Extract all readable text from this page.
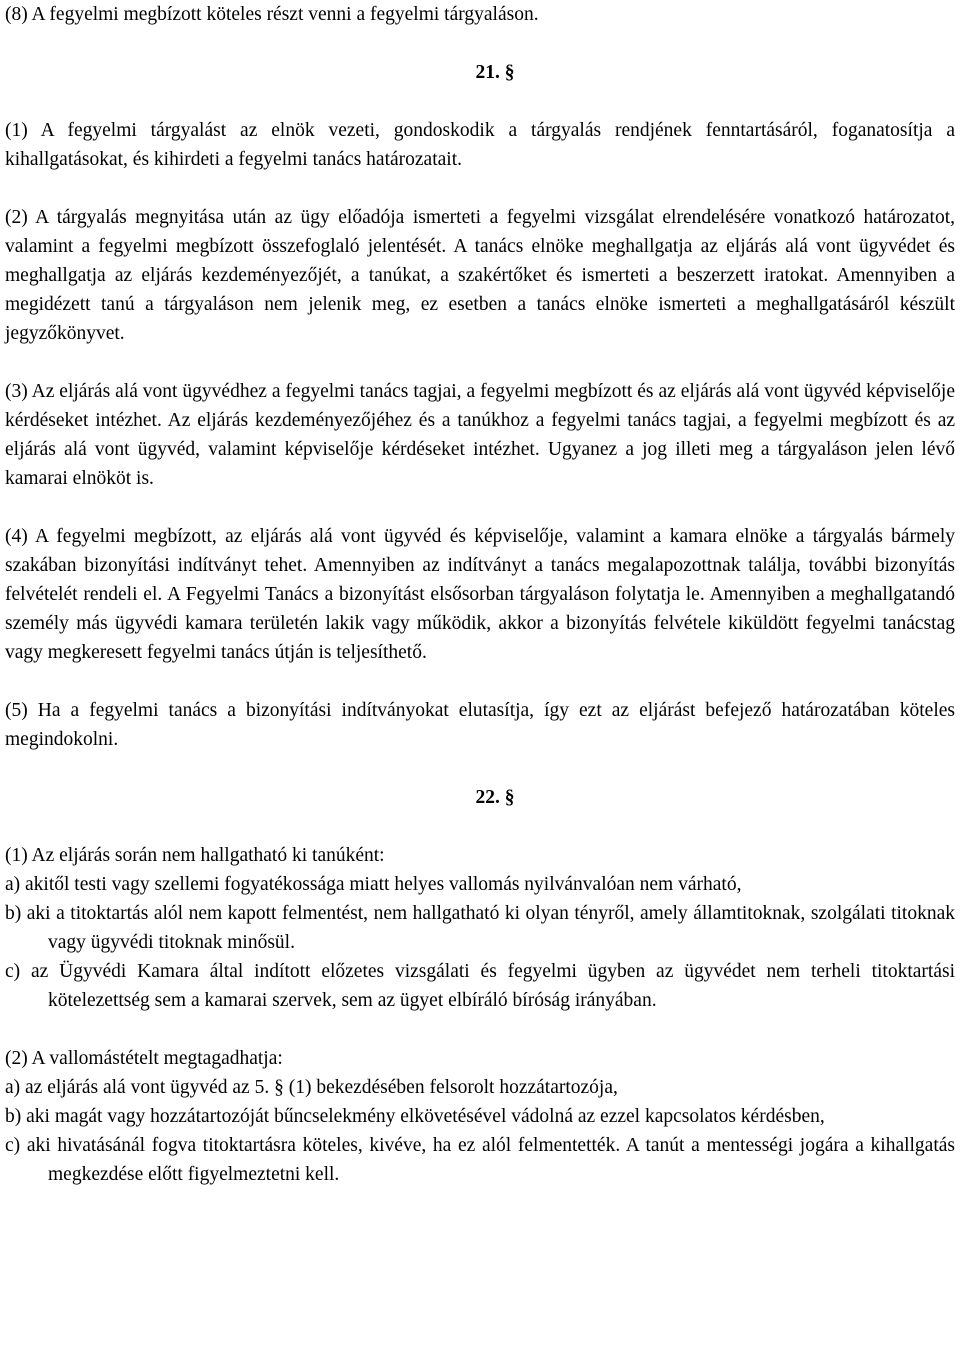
(8) A fegyelmi megbízott köteles részt venni a fegyelmi tárgyaláson.

21. §

(1) A fegyelmi tárgyalást az elnök vezeti, gondoskodik a tárgyalás rendjének fenntartásáról, foganatosítja a kihallgatásokat, és kihirdeti a fegyelmi tanács határozatait.

(2) A tárgyalás megnyitása után az ügy előadója ismerteti a fegyelmi vizsgálat elrendelésére vonatkozó határozatot, valamint a fegyelmi megbízott összefoglaló jelentését. A tanács elnöke meghallgatja az eljárás alá vont ügyvédet és meghallgatja az eljárás kezdeményezőjét, a tanúkat, a szakértőket és ismerteti a beszerzett iratokat. Amennyiben a megidézett tanú a tárgyaláson nem jelenik meg, ez esetben a tanács elnöke ismerteti a meghallgatásáról készült jegyzőkönyvet.

(3) Az eljárás alá vont ügyvédhez a fegyelmi tanács tagjai, a fegyelmi megbízott és az eljárás alá vont ügyvéd képviselője kérdéseket intézhet. Az eljárás kezdeményezőjéhez és a tanúkhoz a fegyelmi tanács tagjai, a fegyelmi megbízott és az eljárás alá vont ügyvéd, valamint képviselője kérdéseket intézhet. Ugyanez a jog illeti meg a tárgyaláson jelen lévő kamarai elnököt is.

(4) A fegyelmi megbízott, az eljárás alá vont ügyvéd és képviselője, valamint a kamara elnöke a tárgyalás bármely szakában bizonyítási indítványt tehet. Amennyiben az indítványt a tanács megalapozottnak találja, további bizonyítás felvételét rendeli el. A Fegyelmi Tanács a bizonyítást elsősorban tárgyaláson folytatja le. Amennyiben a meghallgatandó személy más ügyvédi kamara területén lakik vagy működik, akkor a bizonyítás felvétele kiküldött fegyelmi tanácstag vagy megkeresett fegyelmi tanács útján is teljesíthető.

(5) Ha a fegyelmi tanács a bizonyítási indítványokat elutasítja, így ezt az eljárást befejező határozatában köteles megindokolni.

22. §

(1) Az eljárás során nem hallgatható ki tanúként:

a) akitől testi vagy szellemi fogyatékossága miatt helyes vallomás nyilvánvalóan nem várható,

b) aki a titoktartás alól nem kapott felmentést, nem hallgatható ki olyan tényről, amely államtitoknak, szolgálati titoknak vagy ügyvédi titoknak minősül.

c) az Ügyvédi Kamara által indított előzetes vizsgálati és fegyelmi ügyben az ügyvédet nem terheli titoktartási kötelezettség sem a kamarai szervek, sem az ügyet elbíráló bíróság irányában.

(2) A vallomástételt megtagadhatja:

a) az eljárás alá vont ügyvéd az 5. § (1) bekezdésében felsorolt hozzátartozója,

b) aki magát vagy hozzátartozóját bűncselekmény elkövetésével vádolná az ezzel kapcsolatos kérdésben,

c) aki hivatásánál fogva titoktartásra köteles, kivéve, ha ez alól felmentették. A tanút a mentességi jogára a kihallgatás megkezdése előtt figyelmeztetni kell.
